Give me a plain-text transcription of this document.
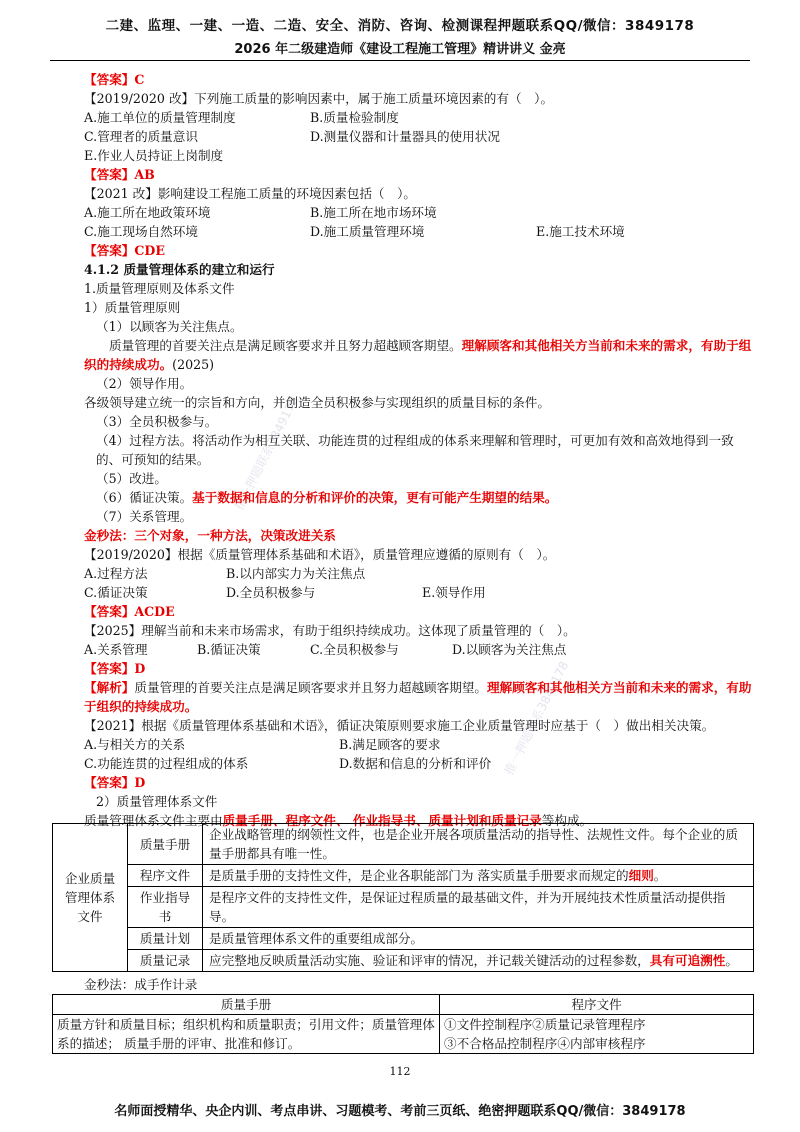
二建、监理、一建、一造、二造、安全、消防、咨询、检测课程押题联系QQ/微信：3849178
2026 年二级建造师《建设工程施工管理》精讲讲义 金亮
推一押题联系3849178
推一押题联系3849178
【答案】C
【2019/2020 改】下列施工质量的影响因素中，属于施工质量环境因素的有（　）。
A.施工单位的质量管理制度	B.质量检验制度
C.管理者的质量意识	D.测量仪器和计量器具的使用状况
E.作业人员持证上岗制度
【答案】AB
【2021 改】影响建设工程施工质量的环境因素包括（　）。
A.施工所在地政策环境	B.施工所在地市场环境
C.施工现场自然环境	D.施工质量管理环境	E.施工技术环境
【答案】CDE
4.1.2 质量管理体系的建立和运行
1.质量管理原则及体系文件
1）质量管理原则
（1）以顾客为关注焦点。
质量管理的首要关注点是满足顾客要求并且努力超越顾客期望。理解顾客和其他相关方当前和未来的需求，有助于组织的持续成功。(2025)
（2）领导作用。
各级领导建立统一的宗旨和方向，并创造全员积极参与实现组织的质量目标的条件。
（3）全员积极参与。
（4）过程方法。将活动作为相互关联、功能连贯的过程组成的体系来理解和管理时，可更加有效和高效地得到一致的、可预知的结果。
（5）改进。
（6）循证决策。基于数据和信息的分析和评价的决策，更有可能产生期望的结果。
（7）关系管理。
金秒法：三个对象，一种方法，决策改进关系
【2019/2020】根据《质量管理体系基础和术语》，质量管理应遵循的原则有（　）。
A.过程方法	B.以内部实力为关注焦点
C.循证决策	D.全员积极参与	E.领导作用
【答案】ACDE
【2025】理解当前和未来市场需求，有助于组织持续成功。这体现了质量管理的（　）。
A.关系管理	B.循证决策	C.全员积极参与	D.以顾客为关注焦点
【答案】D
【解析】质量管理的首要关注点是满足顾客要求并且努力超越顾客期望。理解顾客和其他相关方当前和未来的需求，有助于组织的持续成功。
【2021】根据《质量管理体系基础和术语》，循证决策原则要求施工企业质量管理时应基于（　）做出相关决策。
A.与相关方的关系	B.满足顾客的要求
C.功能连贯的过程组成的体系	D.数据和信息的分析和评价
【答案】D
2）质量管理体系文件
质量管理体系文件主要由质量手册、程序文件、 作业指导书、质量计划和质量记录等构成。
企业质量管理体系文件	质量手册	企业战略管理的纲领性文件，也是企业开展各项质量活动的指导性、法规性文件。每个企业的质量手册都具有唯一性。
	程序文件	是质量手册的支持性文件，是企业各职能部门为 落实质量手册要求而规定的细则。
	作业指导书	是程序文件的支持性文件，是保证过程质量的最基础文件，并为开展纯技术性质量活动提供指导。
	质量计划	是质量管理体系文件的重要组成部分。
	质量记录	应完整地反映质量活动实施、验证和评审的情况，并记载关键活动的过程参数，具有可追溯性。
金秒法：成手作计录
质量手册	程序文件
质量方针和质量目标；组织机构和质量职责；引用文件；质量管理体系的描述； 质量手册的评审、批准和修订。	①文件控制程序②质量记录管理程序
③不合格品控制程序④内部审核程序
112
名师面授精华、央企内训、考点串讲、习题模考、考前三页纸、绝密押题联系QQ/微信：3849178
